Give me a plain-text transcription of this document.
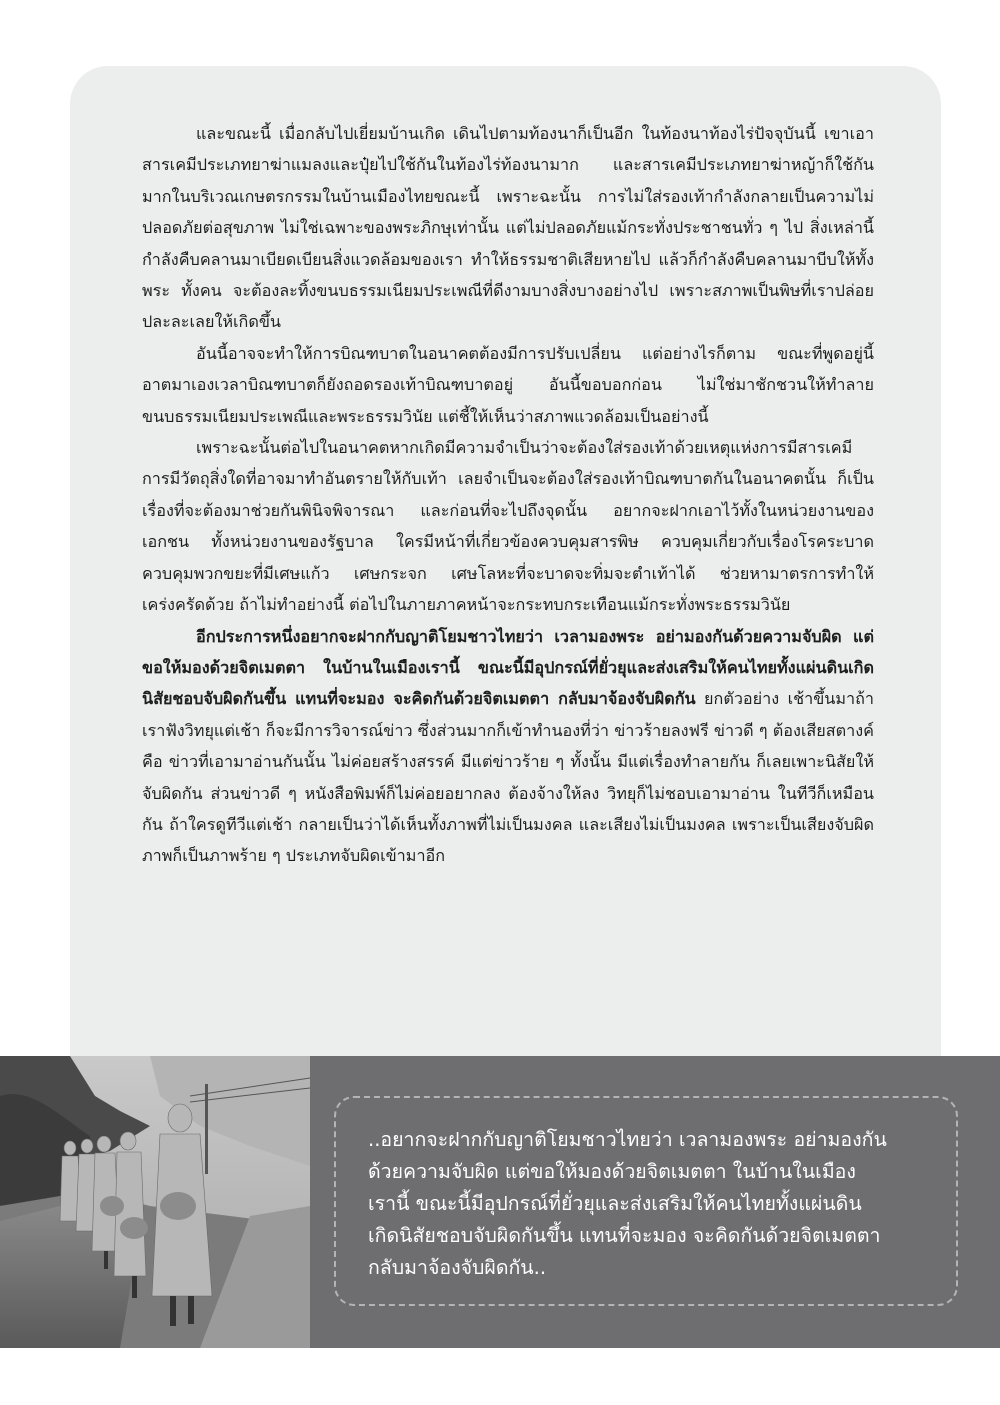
และขณะนี้ เมื่อกลับไปเยี่ยมบ้านเกิด เดินไปตามท้องนาก็เป็นอีก ในท้องนาท้องไร่ปัจจุบันนี้ เขาเอาสารเคมีประเภทยาฆ่าแมลงและปุ๋ยไปใช้กันในท้องไร่ท้องนามาก และสารเคมีประเภทยาฆ่าหญ้าก็ใช้กันมากในบริเวณเกษตรกรรมในบ้านเมืองไทยขณะนี้ เพราะฉะนั้น การไม่ใส่รองเท้ากำลังกลายเป็นความไม่ปลอดภัยต่อสุขภาพ ไม่ใช่เฉพาะของพระภิกษุเท่านั้น แต่ไม่ปลอดภัยแม้กระทั่งประชาชนทั่ว ๆ ไป สิ่งเหล่านี้กำลังคืบคลานมาเบียดเบียนสิ่งแวดล้อมของเรา ทำให้ธรรมชาติเสียหายไป แล้วก็กำลังคืบคลานมาบีบให้ทั้งพระ ทั้งคน จะต้องละทิ้งขนบธรรมเนียมประเพณีที่ดีงามบางสิ่งบางอย่างไป เพราะสภาพเป็นพิษที่เราปล่อยปละละเลยให้เกิดขึ้น

อันนี้อาจจะทำให้การบิณฑบาตในอนาคตต้องมีการปรับเปลี่ยน แต่อย่างไรก็ตาม ขณะที่พูดอยู่นี้ อาตมาเองเวลาบิณฑบาตก็ยังถอดรองเท้าบิณฑบาตอยู่ อันนี้ขอบอกก่อน ไม่ใช่มาชักชวนให้ทำลายขนบธรรมเนียมประเพณีและพระธรรมวินัย แต่ชี้ให้เห็นว่าสภาพแวดล้อมเป็นอย่างนี้

เพราะฉะนั้นต่อไปในอนาคตหากเกิดมีความจำเป็นว่าจะต้องใส่รองเท้าด้วยเหตุแห่งการมีสารเคมี การมีวัตถุสิ่งใดที่อาจมาทำอันตรายให้กับเท้า เลยจำเป็นจะต้องใส่รองเท้าบิณฑบาตกันในอนาคตนั้น ก็เป็นเรื่องที่จะต้องมาช่วยกันพินิจพิจารณา และก่อนที่จะไปถึงจุดนั้น อยากจะฝากเอาไว้ทั้งในหน่วยงานของเอกชน ทั้งหน่วยงานของรัฐบาล ใครมีหน้าที่เกี่ยวข้องควบคุมสารพิษ ควบคุมเกี่ยวกับเรื่องโรคระบาด ควบคุมพวกขยะที่มีเศษแก้ว เศษกระจก เศษโลหะที่จะบาดจะทิ่มจะตำเท้าได้ ช่วยหามาตรการทำให้เคร่งครัดด้วย ถ้าไม่ทำอย่างนี้ ต่อไปในภายภาคหน้าจะกระทบกระเทือนแม้กระทั่งพระธรรมวินัย

อีกประการหนึ่งอยากจะฝากกับญาติโยมชาวไทยว่า เวลามองพระ อย่ามองกันด้วยความจับผิด แต่ขอให้มองด้วยจิตเมตตา ในบ้านในเมืองเรานี้ ขณะนี้มีอุปกรณ์ที่ยั่วยุและส่งเสริมให้คนไทยทั้งแผ่นดินเกิดนิสัยชอบจับผิดกันขึ้น แทนที่จะมอง จะคิดกันด้วยจิตเมตตา กลับมาจ้องจับผิดกัน ยกตัวอย่าง เช้าขึ้นมาถ้าเราฟังวิทยุแต่เช้า ก็จะมีการวิจารณ์ข่าว ซึ่งส่วนมากก็เข้าทำนองที่ว่า ข่าวร้ายลงฟรี ข่าวดี ๆ ต้องเสียสตางค์ คือ ข่าวที่เอามาอ่านกันนั้น ไม่ค่อยสร้างสรรค์ มีแต่ข่าวร้าย ๆ ทั้งนั้น มีแต่เรื่องทำลายกัน ก็เลยเพาะนิสัยให้จับผิดกัน ส่วนข่าวดี ๆ หนังสือพิมพ์ก็ไม่ค่อยอยากลง ต้องจ้างให้ลง วิทยุก็ไม่ชอบเอามาอ่าน ในทีวีก็เหมือนกัน ถ้าใครดูทีวีแต่เช้า กลายเป็นว่าได้เห็นทั้งภาพที่ไม่เป็นมงคล และเสียงไม่เป็นมงคล เพราะเป็นเสียงจับผิด ภาพก็เป็นภาพร้าย ๆ ประเภทจับผิดเข้ามาอีก

..อยากจะฝากกับญาติโยมชาวไทยว่า เวลามองพระ อย่ามองกัน
ด้วยความจับผิด แต่ขอให้มองด้วยจิตเมตตา ในบ้านในเมือง
เรานี้ ขณะนี้มีอุปกรณ์ที่ยั่วยุและส่งเสริมให้คนไทยทั้งแผ่นดิน
เกิดนิสัยชอบจับผิดกันขึ้น แทนที่จะมอง จะคิดกันด้วยจิตเมตตา
กลับมาจ้องจับผิดกัน..
